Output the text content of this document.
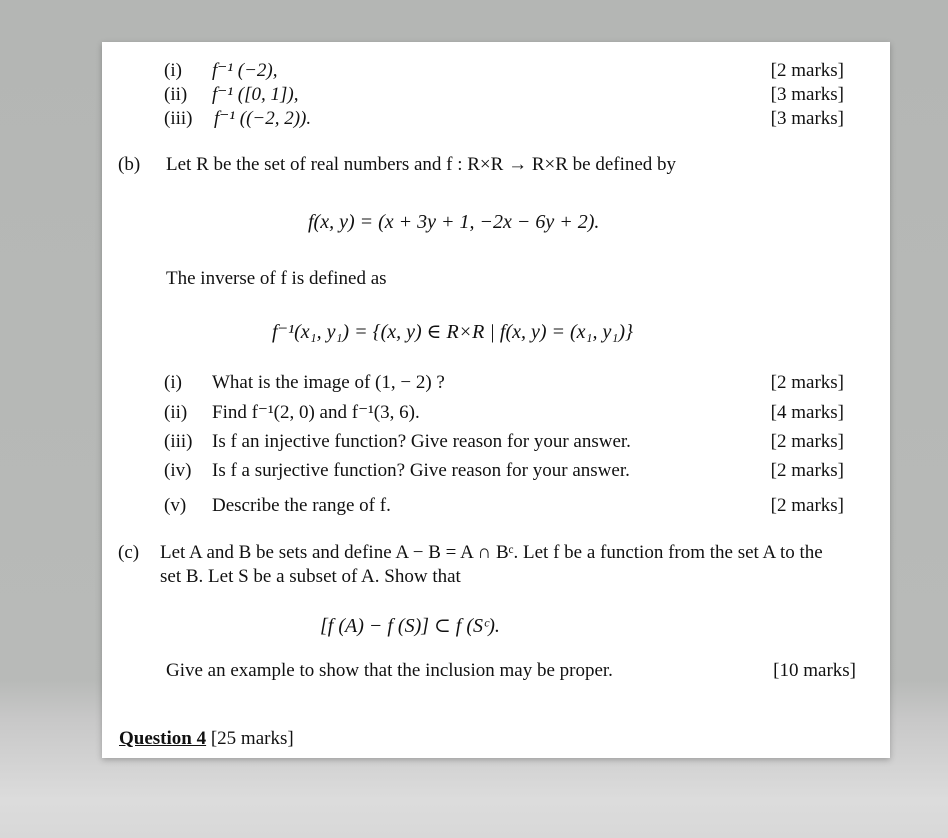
(i) f⁻¹ (−2),	[2 marks]
(ii) f⁻¹ ([0, 1]),	[3 marks]
(iii) f⁻¹ ((−2, 2)).	[3 marks]
(b) Let R be the set of real numbers and f : R×R → R×R be defined by
f(x, y) = (x + 3y + 1, −2x − 6y + 2).
The inverse of f is defined as
f⁻¹(x₁, y₁) = {(x, y) ∈ R×R | f(x, y) = (x₁, y₁)}
(i) What is the image of (1, − 2) ?	[2 marks]
(ii) Find f⁻¹(2, 0) and f⁻¹(3, 6).	[4 marks]
(iii) Is f an injective function? Give reason for your answer.	[2 marks]
(iv) Is f a surjective function? Give reason for your answer.	[2 marks]
(v) Describe the range of f.	[2 marks]
(c) Let A and B be sets and define A − B = A ∩ Bᶜ. Let f be a function from the set A to the
set B. Let S be a subset of A. Show that
[f (A) − f (S)] ⊂ f (Sᶜ).
Give an example to show that the inclusion may be proper.	[10 marks]
Question 4 [25 marks]
